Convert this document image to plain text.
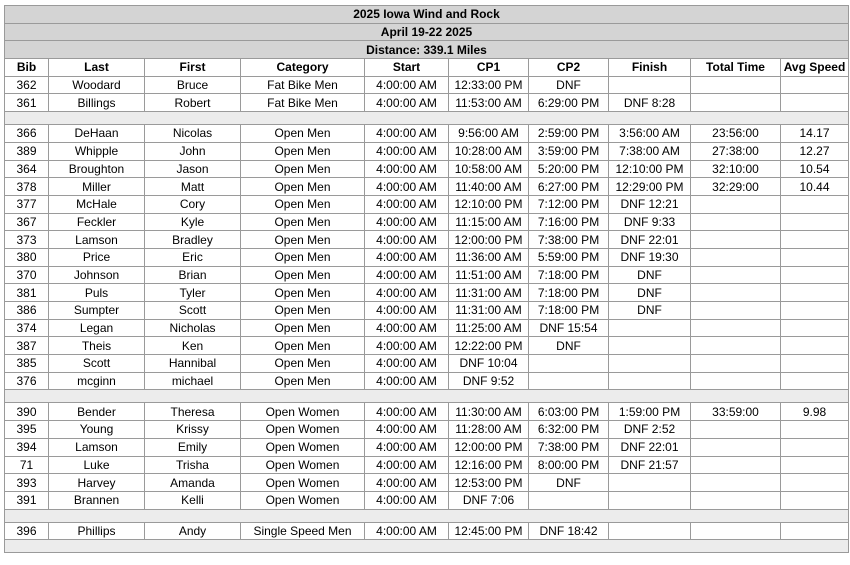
2025 Iowa Wind and Rock									
April 19-22 2025									
Distance: 339.1 Miles									
Bib	Last	First	Category	Start	CP1	CP2	Finish	Total Time	Avg Speed
362	Woodard	Bruce	Fat Bike Men	4:00:00 AM	12:33:00 PM	DNF			
361	Billings	Robert	Fat Bike Men	4:00:00 AM	11:53:00 AM	6:29:00 PM	DNF 8:28		

366	DeHaan	Nicolas	Open Men	4:00:00 AM	9:56:00 AM	2:59:00 PM	3:56:00 AM	23:56:00	14.17
389	Whipple	John	Open Men	4:00:00 AM	10:28:00 AM	3:59:00 PM	7:38:00 AM	27:38:00	12.27
364	Broughton	Jason	Open Men	4:00:00 AM	10:58:00 AM	5:20:00 PM	12:10:00 PM	32:10:00	10.54
378	Miller	Matt	Open Men	4:00:00 AM	11:40:00 AM	6:27:00 PM	12:29:00 PM	32:29:00	10.44
377	McHale	Cory	Open Men	4:00:00 AM	12:10:00 PM	7:12:00 PM	DNF 12:21		
367	Feckler	Kyle	Open Men	4:00:00 AM	11:15:00 AM	7:16:00 PM	DNF 9:33		
373	Lamson	Bradley	Open Men	4:00:00 AM	12:00:00 PM	7:38:00 PM	DNF 22:01		
380	Price	Eric	Open Men	4:00:00 AM	11:36:00 AM	5:59:00 PM	DNF 19:30		
370	Johnson	Brian	Open Men	4:00:00 AM	11:51:00 AM	7:18:00 PM	DNF		
381	Puls	Tyler	Open Men	4:00:00 AM	11:31:00 AM	7:18:00 PM	DNF		
386	Sumpter	Scott	Open Men	4:00:00 AM	11:31:00 AM	7:18:00 PM	DNF		
374	Legan	Nicholas	Open Men	4:00:00 AM	11:25:00 AM	DNF 15:54			
387	Theis	Ken	Open Men	4:00:00 AM	12:22:00 PM	DNF			
385	Scott	Hannibal	Open Men	4:00:00 AM	DNF 10:04				
376	mcginn	michael	Open Men	4:00:00 AM	DNF 9:52				

390	Bender	Theresa	Open Women	4:00:00 AM	11:30:00 AM	6:03:00 PM	1:59:00 PM	33:59:00	9.98
395	Young	Krissy	Open Women	4:00:00 AM	11:28:00 AM	6:32:00 PM	DNF 2:52		
394	Lamson	Emily	Open Women	4:00:00 AM	12:00:00 PM	7:38:00 PM	DNF 22:01		
71	Luke	Trisha	Open Women	4:00:00 AM	12:16:00 PM	8:00:00 PM	DNF 21:57		
393	Harvey	Amanda	Open Women	4:00:00 AM	12:53:00 PM	DNF			
391	Brannen	Kelli	Open Women	4:00:00 AM	DNF 7:06				

396	Phillips	Andy	Single Speed Men	4:00:00 AM	12:45:00 PM	DNF 18:42			
